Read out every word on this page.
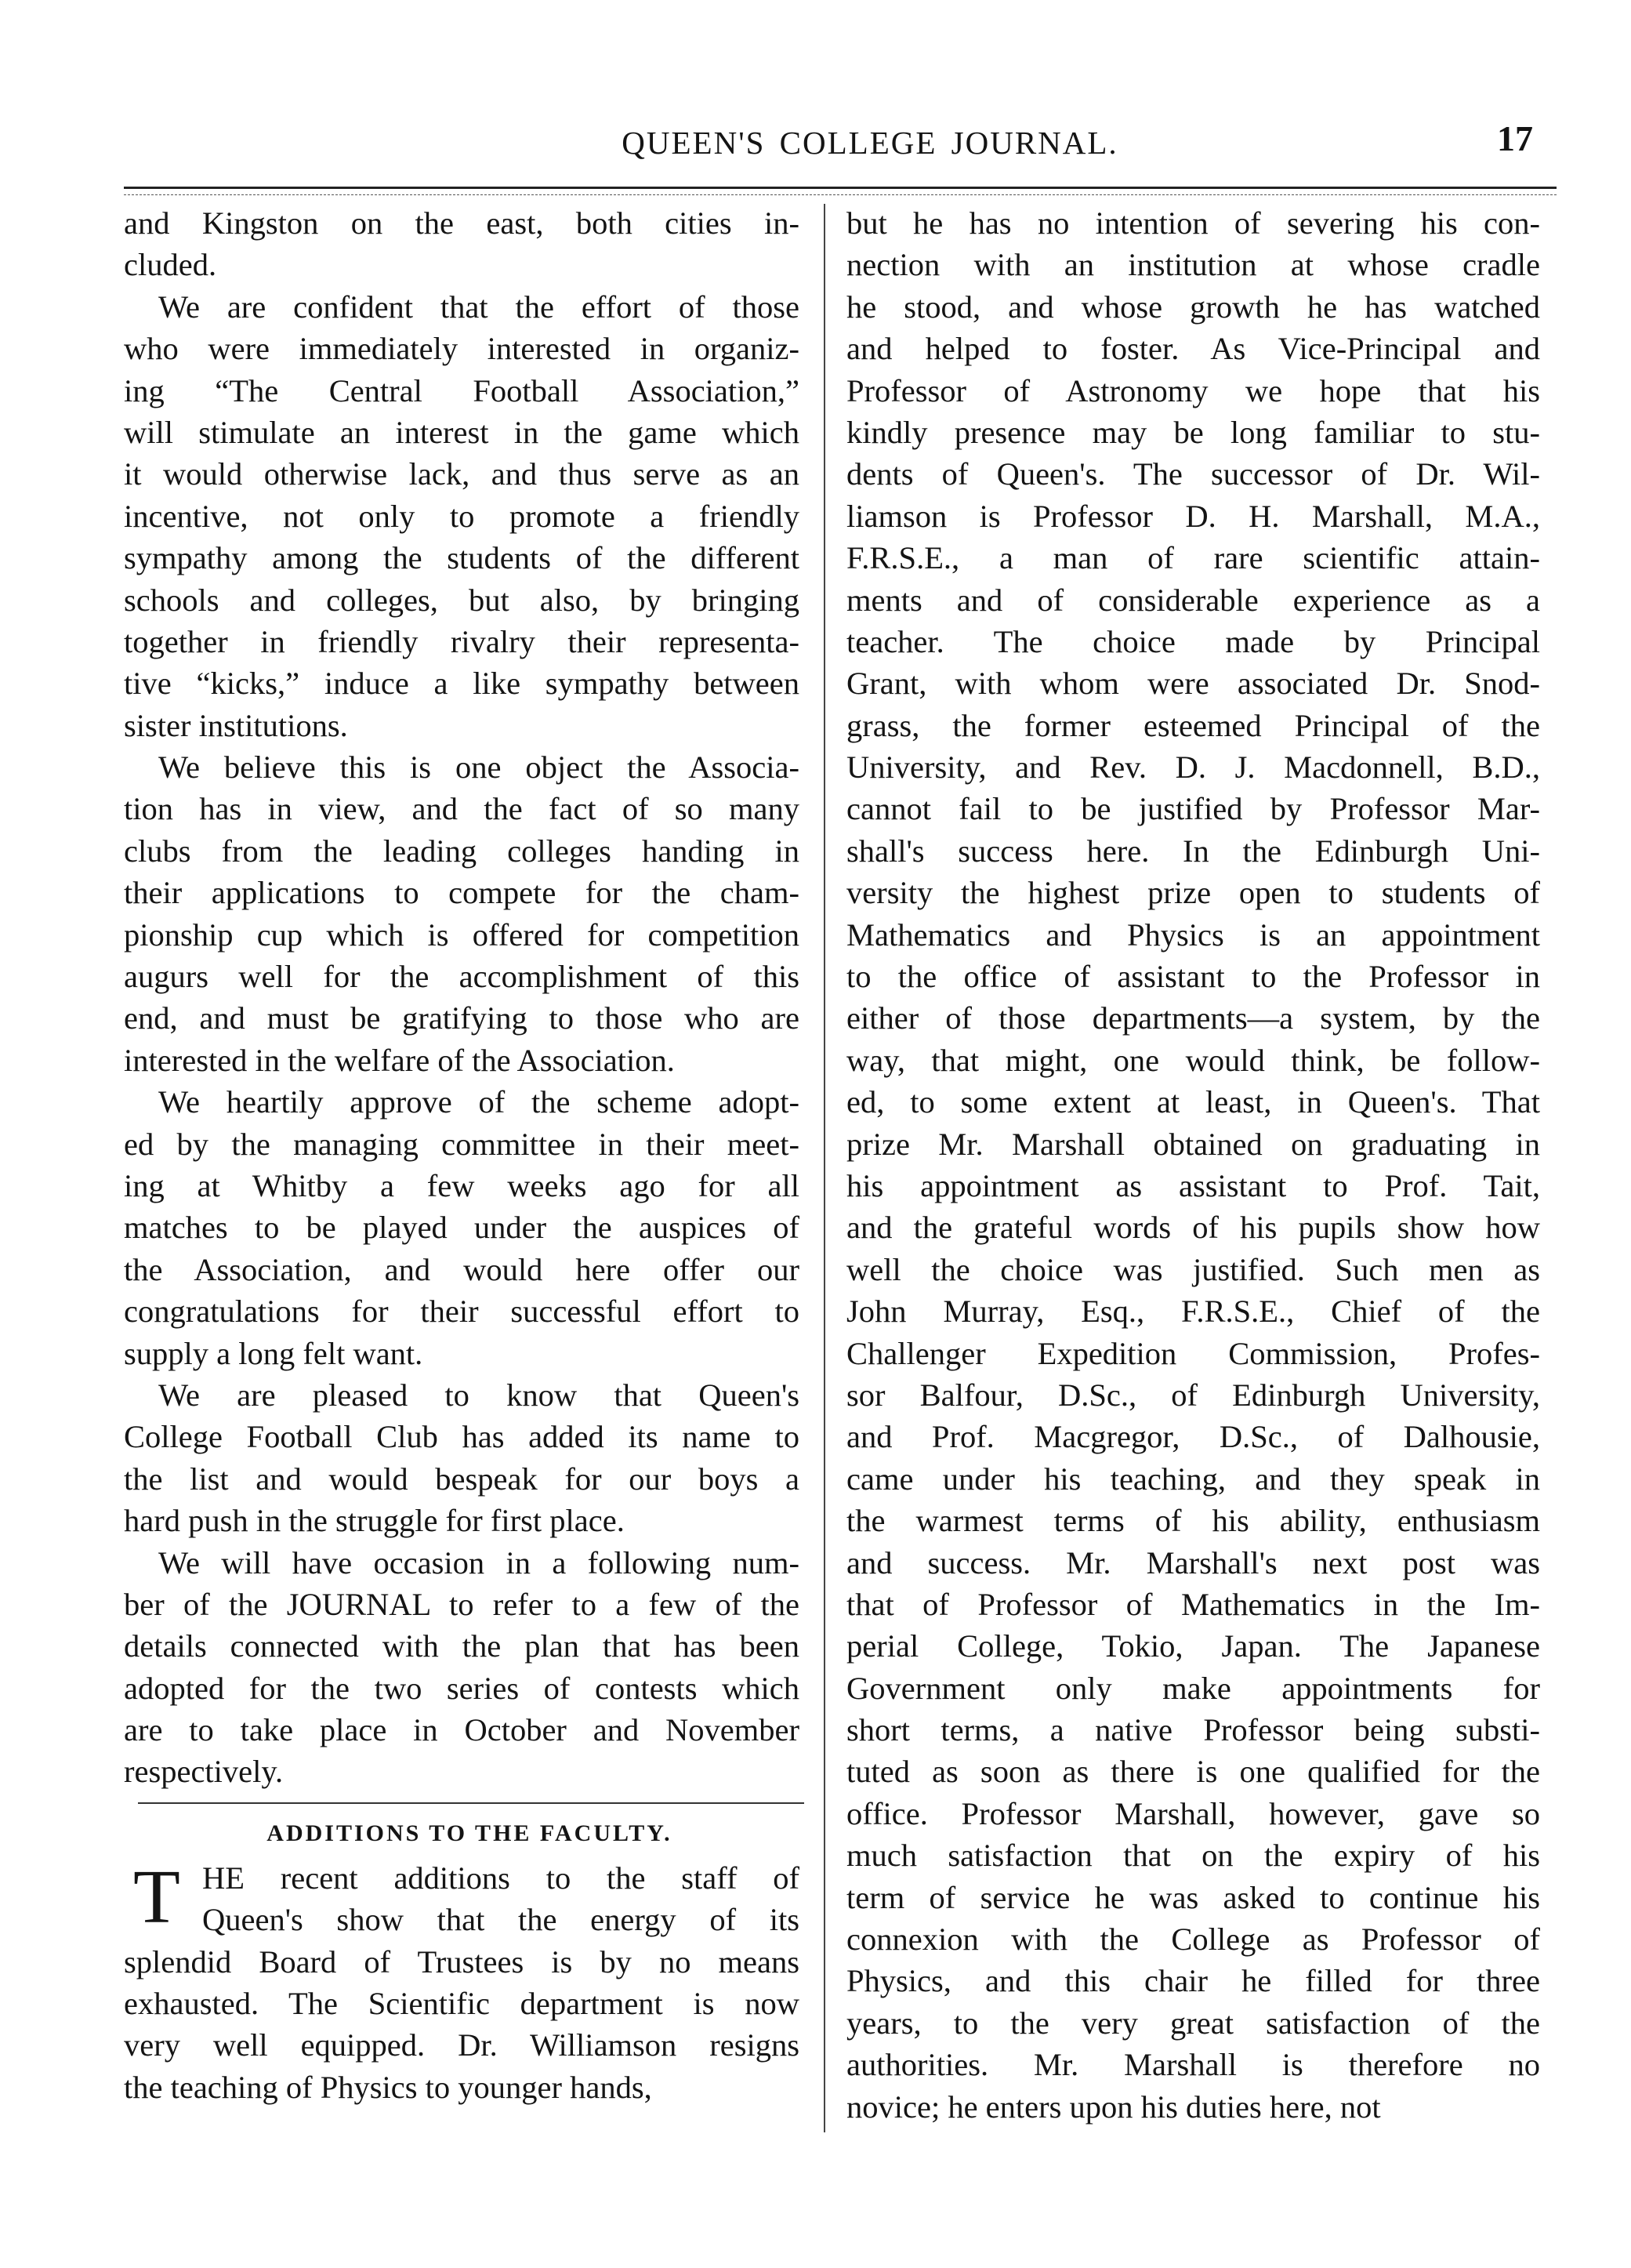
QUEEN'S COLLEGE JOURNAL.	17
and Kingston on the east, both cities in-
cluded.
We are confident that the effort of those
who were immediately interested in organiz-
ing “The Central Football Association,”
will stimulate an interest in the game which
it would otherwise lack, and thus serve as an
incentive, not only to promote a friendly
sympathy among the students of the different
schools and colleges, but also, by bringing
together in friendly rivalry their representa-
tive “kicks,” induce a like sympathy between
sister institutions.
We believe this is one object the Associa-
tion has in view, and the fact of so many
clubs from the leading colleges handing in
their applications to compete for the cham-
pionship cup which is offered for competition
augurs well for the accomplishment of this
end, and must be gratifying to those who are
interested in the welfare of the Association.
We heartily approve of the scheme adopt-
ed by the managing committee in their meet-
ing at Whitby a few weeks ago for all
matches to be played under the auspices of
the Association, and would here offer our
congratulations for their successful effort to
supply a long felt want.
We are pleased to know that Queen's
College Football Club has added its name to
the list and would bespeak for our boys a
hard push in the struggle for first place.
We will have occasion in a following num-
ber of the JOURNAL to refer to a few of the
details connected with the plan that has been
adopted for the two series of contests which
are to take place in October and November
respectively.
ADDITIONS TO THE FACULTY.
T HE recent additions to the staff of
Queen's show that the energy of its
splendid Board of Trustees is by no means
exhausted. The Scientific department is now
very well equipped. Dr. Williamson resigns
the teaching of Physics to younger hands,
but he has no intention of severing his con-
nection with an institution at whose cradle
he stood, and whose growth he has watched
and helped to foster. As Vice-Principal and
Professor of Astronomy we hope that his
kindly presence may be long familiar to stu-
dents of Queen's. The successor of Dr. Wil-
liamson is Professor D. H. Marshall, M.A.,
F.R.S.E., a man of rare scientific attain-
ments and of considerable experience as a
teacher. The choice made by Principal
Grant, with whom were associated Dr. Snod-
grass, the former esteemed Principal of the
University, and Rev. D. J. Macdonnell, B.D.,
cannot fail to be justified by Professor Mar-
shall's success here. In the Edinburgh Uni-
versity the highest prize open to students of
Mathematics and Physics is an appointment
to the office of assistant to the Professor in
either of those departments—a system, by the
way, that might, one would think, be follow-
ed, to some extent at least, in Queen's. That
prize Mr. Marshall obtained on graduating in
his appointment as assistant to Prof. Tait,
and the grateful words of his pupils show how
well the choice was justified. Such men as
John Murray, Esq., F.R.S.E., Chief of the
Challenger Expedition Commission, Profes-
sor Balfour, D.Sc., of Edinburgh University,
and Prof. Macgregor, D.Sc., of Dalhousie,
came under his teaching, and they speak in
the warmest terms of his ability, enthusiasm
and success. Mr. Marshall's next post was
that of Professor of Mathematics in the Im-
perial College, Tokio, Japan. The Japanese
Government only make appointments for
short terms, a native Professor being substi-
tuted as soon as there is one qualified for the
office. Professor Marshall, however, gave so
much satisfaction that on the expiry of his
term of service he was asked to continue his
connexion with the College as Professor of
Physics, and this chair he filled for three
years, to the very great satisfaction of the
authorities. Mr. Marshall is therefore no
novice; he enters upon his duties here, not
